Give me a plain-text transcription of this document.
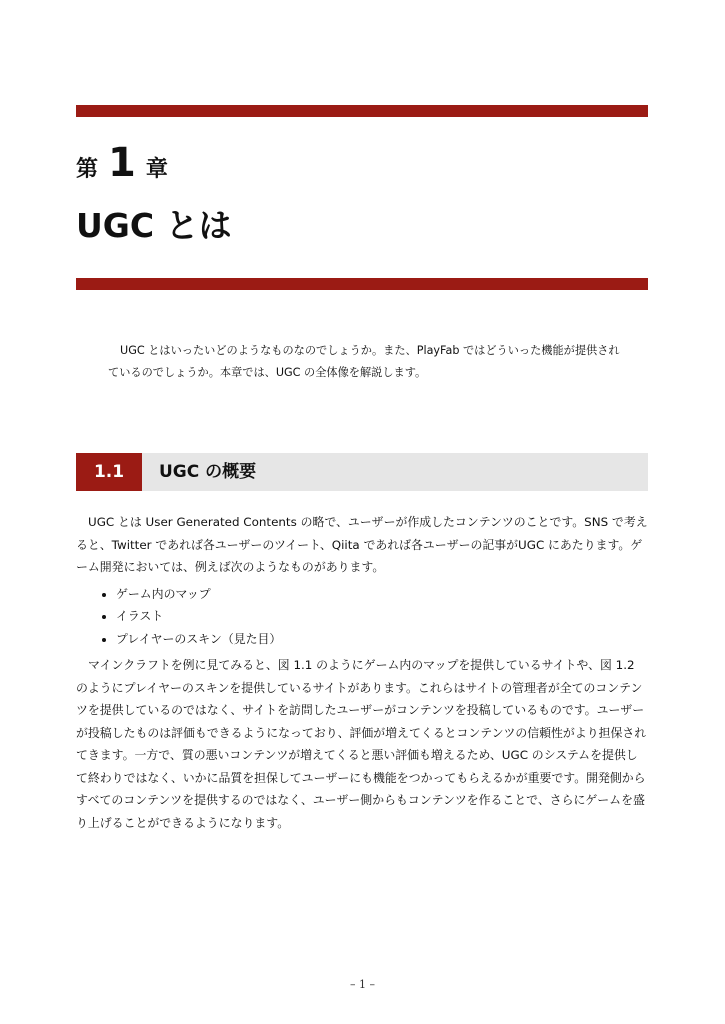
第 1 章
UGC とは

UGC とはいったいどのようなものなのでしょうか。また、PlayFab ではどういった機能が提供されているのでしょうか。本章では、UGC の全体像を解説します。

1.1	UGC の概要

UGC とは User Generated Contents の略で、ユーザーが作成したコンテンツのことです。SNS で考えると、Twitter であれば各ユーザーのツイート、Qiita であれば各ユーザーの記事がUGC にあたります。ゲーム開発においては、例えば次のようなものがあります。

• ゲーム内のマップ
• イラスト
• プレイヤーのスキン（見た目）

マインクラフトを例に見てみると、図 1.1 のようにゲーム内のマップを提供しているサイトや、図 1.2 のようにプレイヤーのスキンを提供しているサイトがあります。これらはサイトの管理者が全てのコンテンツを提供しているのではなく、サイトを訪問したユーザーがコンテンツを投稿しているものです。ユーザーが投稿したものは評価もできるようになっており、評価が増えてくるとコンテンツの信頼性がより担保されてきます。一方で、質の悪いコンテンツが増えてくると悪い評価も増えるため、UGC のシステムを提供して終わりではなく、いかに品質を担保してユーザーにも機能をつかってもらえるかが重要です。開発側からすべてのコンテンツを提供するのではなく、ユーザー側からもコンテンツを作ることで、さらにゲームを盛り上げることができるようになります。

– 1 –
